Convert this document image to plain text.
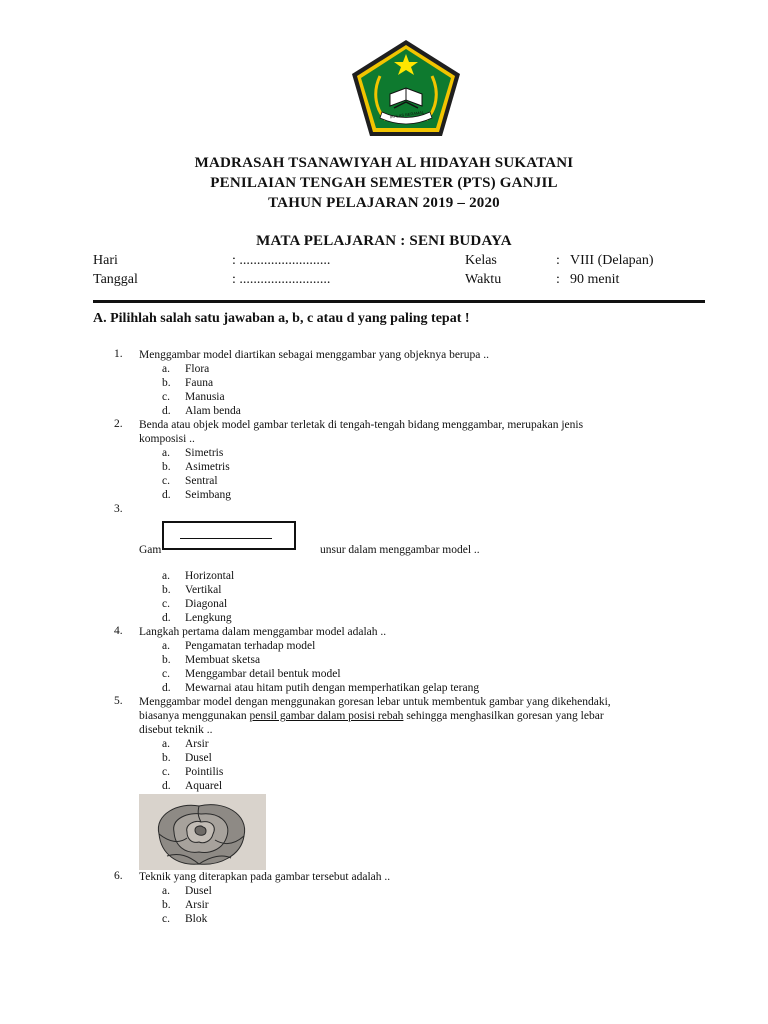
IKHLAS BERAMAL
MADRASAH TSANAWIYAH AL HIDAYAH SUKATANI
PENILAIAN TENGAH SEMESTER (PTS) GANJIL
TAHUN PELAJARAN 2019 – 2020
MATA PELAJARAN : SENI BUDAYA
Hari	: ..........................	Kelas	: VIII (Delapan)
Tanggal	: ..........................	Waktu	: 90 menit
A. Pilihlah salah satu jawaban a, b, c atau d yang paling tepat !
1.	Menggambar model diartikan sebagai menggambar yang objeknya berupa ..
a. Flora
b. Fauna
c. Manusia
d. Alam benda
2.	Benda atau objek model gambar terletak di tengah-tengah bidang menggambar, merupakan jenis
komposisi ..
a. Simetris
b. Asimetris
c. Sentral
d. Seimbang
3.
Gam	unsur dalam menggambar model ..
a. Horizontal
b. Vertikal
c. Diagonal
d. Lengkung
4.	Langkah pertama dalam menggambar model adalah ..
a. Pengamatan terhadap model
b. Membuat sketsa
c. Menggambar detail bentuk model
d. Mewarnai atau hitam putih dengan memperhatikan gelap terang
5.	Menggambar model dengan menggunakan goresan lebar untuk membentuk gambar yang dikehendaki,
biasanya menggunakan pensil gambar dalam posisi rebah sehingga menghasilkan goresan yang lebar
disebut teknik ..
a. Arsir
b. Dusel
c. Pointilis
d. Aquarel
6.	Teknik yang diterapkan pada gambar tersebut adalah ..
a. Dusel
b. Arsir
c. Blok
